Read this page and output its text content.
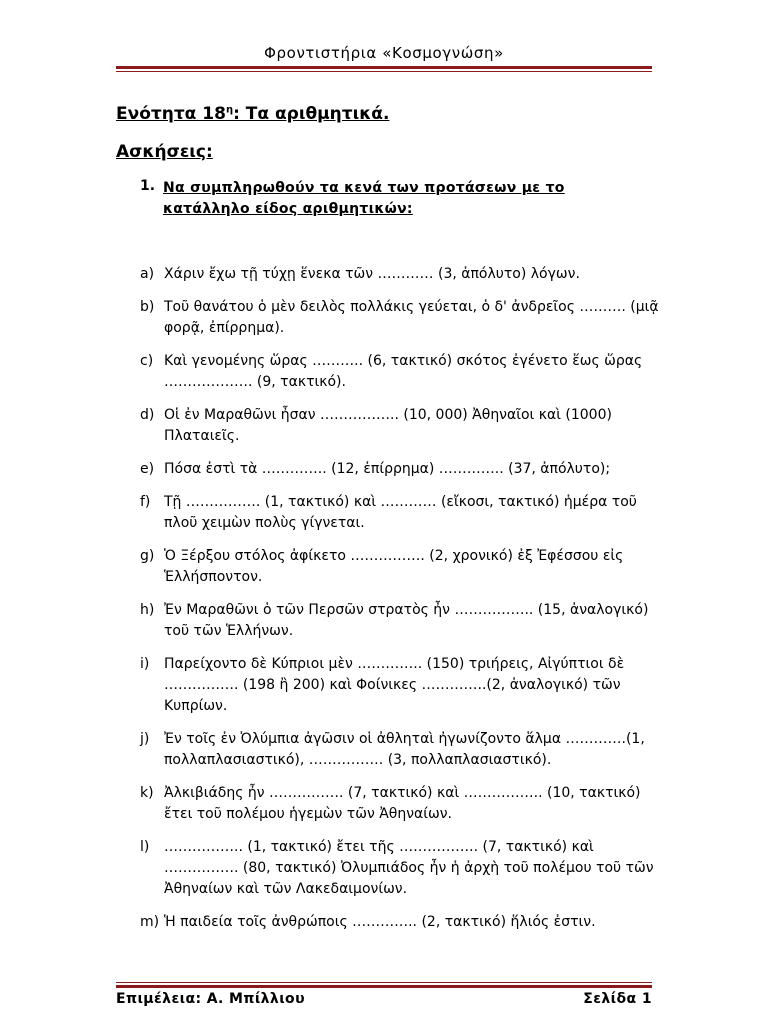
Φροντιστήρια «Κοσμογνώση»
Ενότητα $18^\eta$: Τα αριθμητικά.
Ασκήσεις:
1. Να συμπληρωθούν τα κενά των προτάσεων με το κατάλληλο είδος αριθμητικών:
a) Χάριν ἔχω τῇ τύχῃ ἕνεκα τῶν ………… (3, ἀπόλυτο) λόγων.
b) Τοῦ θανάτου ὁ μὲν δειλὸς πολλάκις γεύεται, ὁ δ' ἀνδρεῖος ………. (μιᾷ φορᾷ, ἐπίρρημα).
c) Καὶ γενομένης ὥρας ……….. (6, τακτικό) σκότος ἐγένετο ἕως ὥρας ………………. (9, τακτικό).
d) Οἱ ἐν Μαραθῶνι ἦσαν …………….. (10, 000) Ἀθηναῖοι καὶ (1000) Πλαταιεῖς.
e) Πόσα ἐστὶ τὰ ………….. (12, ἐπίρρημα) ………….. (37, ἀπόλυτο);
f) Τῇ ……………. (1, τακτικό) καὶ ………… (εἴκοσι, τακτικό) ἡμέρα τοῦ πλοῦ χειμὼν πολὺς γίγνεται.
g) Ὁ Ξέρξου στόλος ἀφίκετο ……………. (2, χρονικό) ἐξ Ἐφέσσου εἰς Ἑλλήσποντον.
h) Ἐν Μαραθῶνι ὁ τῶν Περσῶν στρατὸς ἦν …………….. (15, ἀναλογικό) τοῦ τῶν Ἑλλήνων.
i) Παρείχοντο δὲ Κύπριοι μὲν ………….. (150) τριήρεις, Αἰγύπτιοι δὲ ……………. (198 ἢ 200) καὶ Φοίνικες …………..(2, ἀναλογικό) τῶν Κυπρίων.
j) Ἐν τοῖς ἐν Ὀλύμπια ἀγῶσιν οἱ ἀθληταὶ ἠγωνίζοντο ἅλμα ………….(1, πολλαπλασιαστικό), ……………. (3, πολλαπλασιαστικό).
k) Ἀλκιβιάδης ἦν ……………. (7, τακτικό) καὶ …………….. (10, τακτικό) ἔτει τοῦ πολέμου ἡγεμὼν τῶν Ἀθηναίων.
l) …………….. (1, τακτικό) ἔτει τῆς …………….. (7, τακτικό) καὶ ……………. (80, τακτικό) Ὀλυμπιάδος ἦν ἡ ἀρχὴ τοῦ πολέμου τοῦ τῶν Ἀθηναίων καὶ τῶν Λακεδαιμονίων.
m) Ἡ παιδεία τοῖς ἀνθρώποις ………….. (2, τακτικό) ἥλιός ἐστιν.
Επιμέλεια: Α. Μπίλλιου	Σελίδα 1
